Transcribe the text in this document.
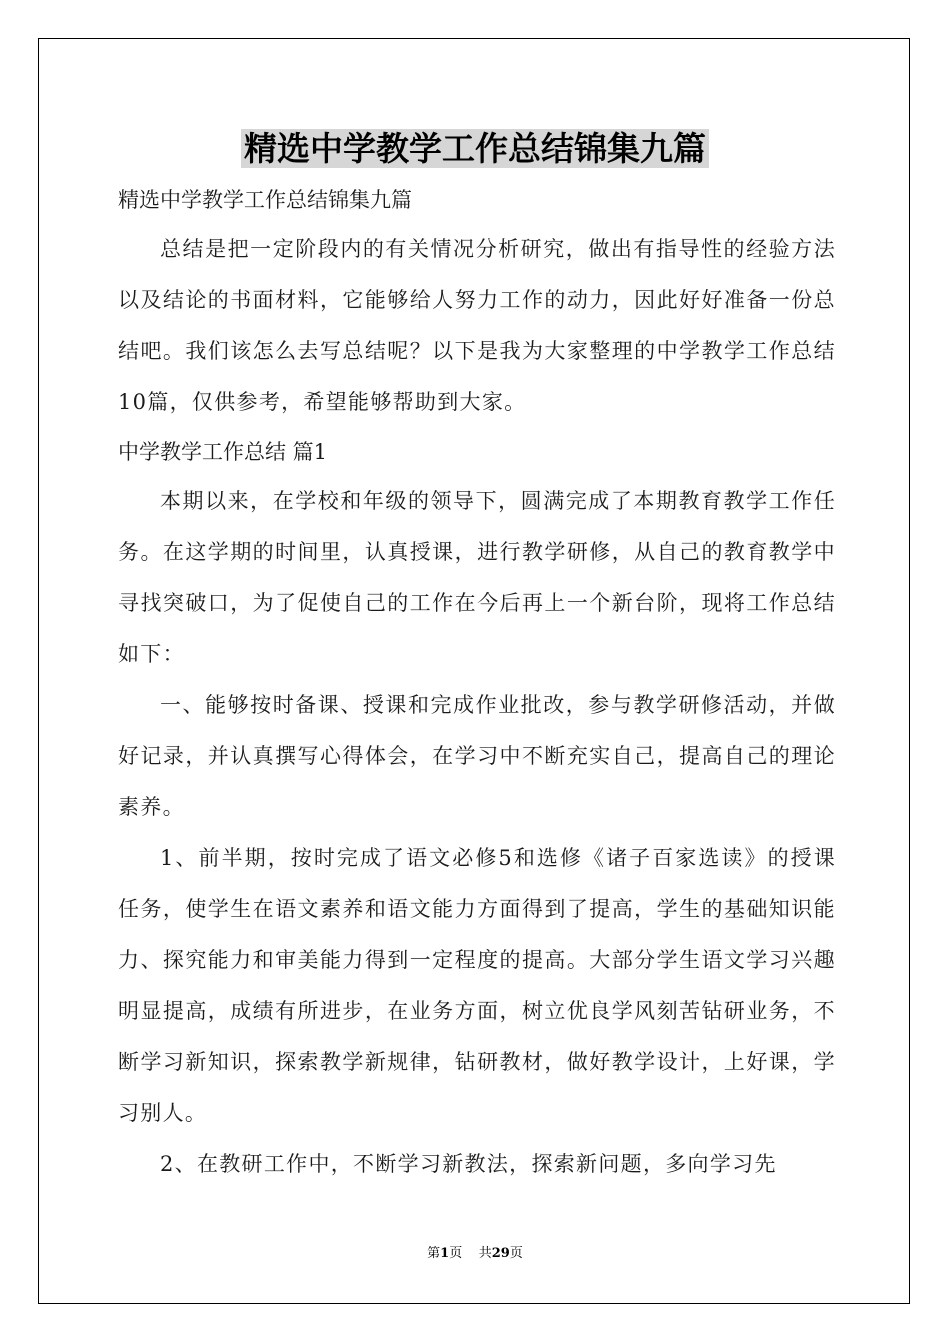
精选中学教学工作总结锦集九篇

精选中学教学工作总结锦集九篇

总结是把一定阶段内的有关情况分析研究，做出有指导性的经验方法以及结论的书面材料，它能够给人努力工作的动力，因此好好准备一份总结吧。我们该怎么去写总结呢？以下是我为大家整理的中学教学工作总结10篇，仅供参考，希望能够帮助到大家。

中学教学工作总结 篇1

本期以来，在学校和年级的领导下，圆满完成了本期教育教学工作任务。在这学期的时间里，认真授课，进行教学研修，从自己的教育教学中寻找突破口，为了促使自己的工作在今后再上一个新台阶，现将工作总结如下：

一、能够按时备课、授课和完成作业批改，参与教学研修活动，并做好记录，并认真撰写心得体会，在学习中不断充实自己，提高自己的理论素养。

1、前半期，按时完成了语文必修5和选修《诸子百家选读》的授课任务，使学生在语文素养和语文能力方面得到了提高，学生的基础知识能力、探究能力和审美能力得到一定程度的提高。大部分学生语文学习兴趣明显提高，成绩有所进步，在业务方面，树立优良学风刻苦钻研业务，不断学习新知识，探索教学新规律，钻研教材，做好教学设计，上好课，学习别人。

2、在教研工作中，不断学习新教法，探索新问题，多向学习先

第1页    共29页
